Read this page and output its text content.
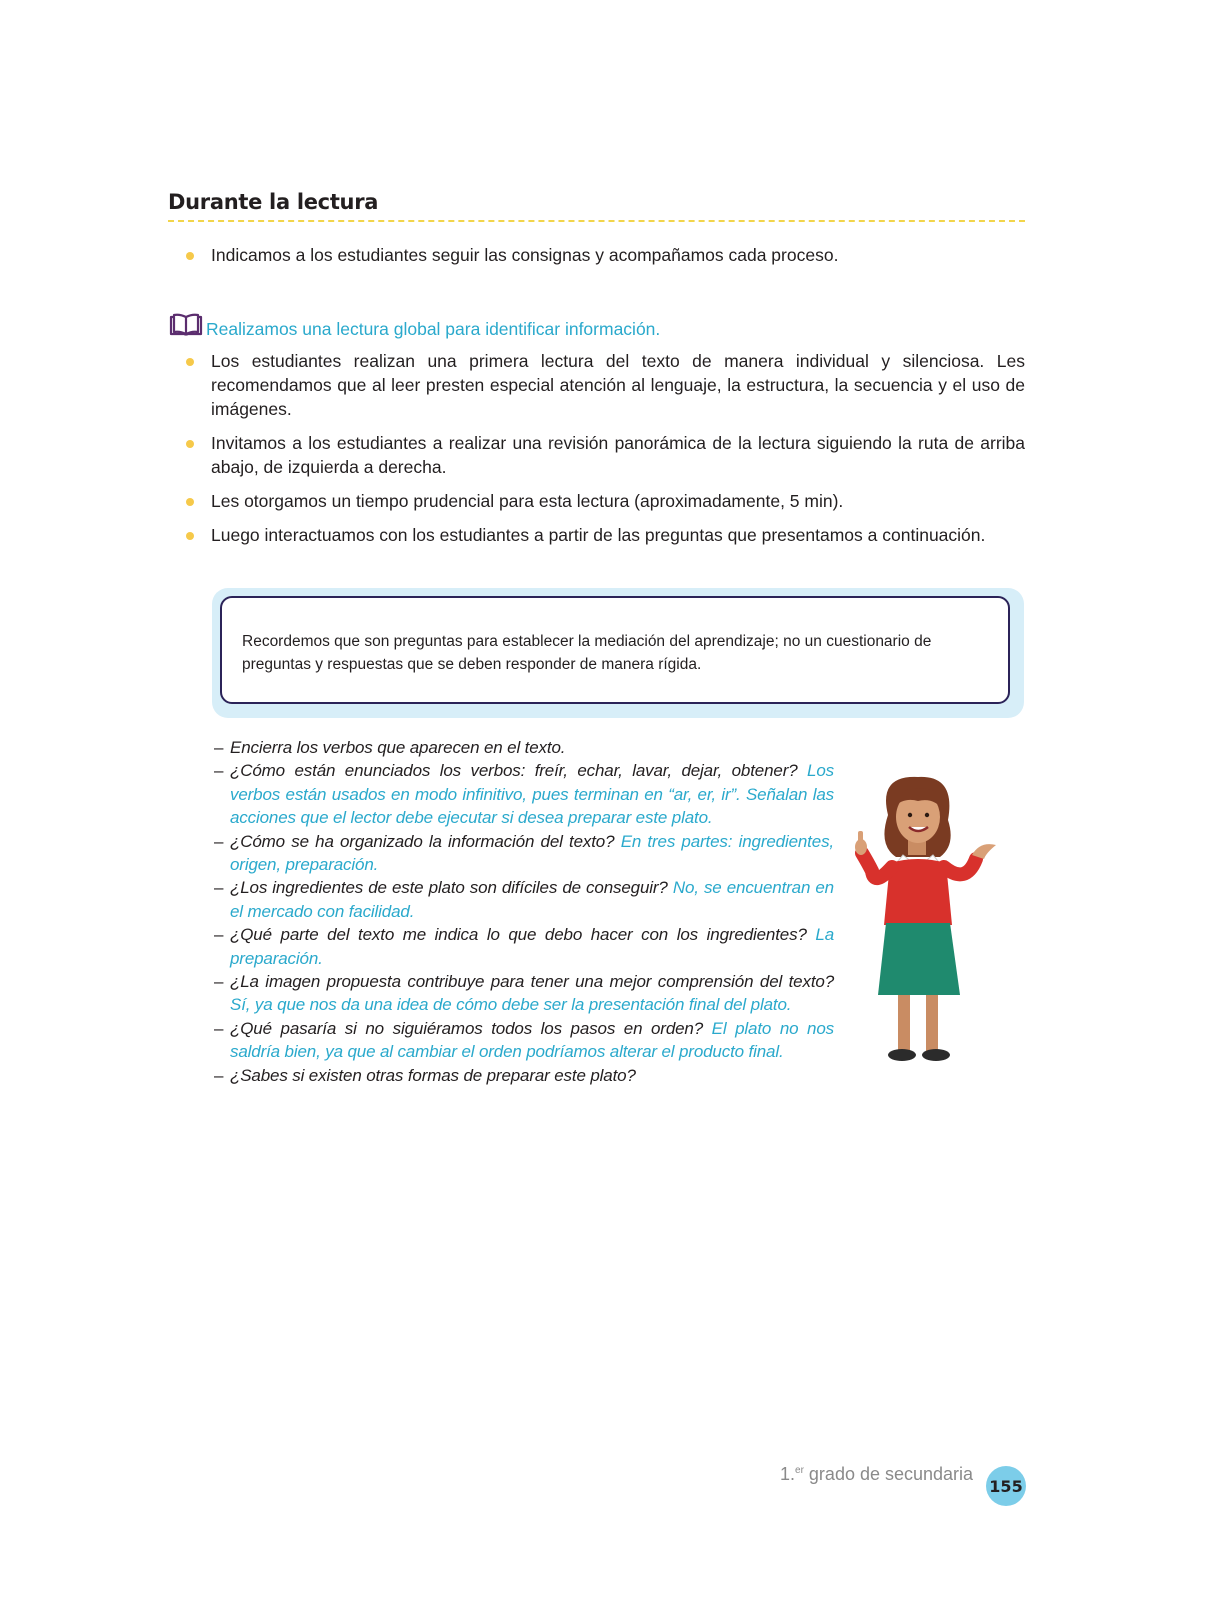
Durante la lectura
Indicamos a los estudiantes seguir las consignas y acompañamos cada proceso.
Realizamos una lectura global para identificar información.
Los estudiantes realizan una primera lectura del texto de manera individual y silenciosa. Les recomendamos que al leer presten especial atención al lenguaje, la estructura, la secuencia y el uso de imágenes.
Invitamos a los estudiantes a realizar una revisión panorámica de la lectura siguiendo la ruta de arriba abajo, de izquierda a derecha.
Les otorgamos un tiempo prudencial para esta lectura (aproximadamente, 5 min).
Luego interactuamos con los estudiantes a partir de las preguntas que presentamos a continuación.

Recordemos que son preguntas para establecer la mediación del aprendizaje; no un cuestionario de preguntas y respuestas que se deben responder de manera rígida.

– Encierra los verbos que aparecen en el texto.
– ¿Cómo están enunciados los verbos: freír, echar, lavar, dejar, obtener? Los verbos están usados en modo infinitivo, pues terminan en “ar, er, ir”. Señalan las acciones que el lector debe ejecutar si desea preparar este plato.
– ¿Cómo se ha organizado la información del texto? En tres partes: ingredientes, origen, preparación.
– ¿Los ingredientes de este plato son difíciles de conseguir? No, se encuentran en el mercado con facilidad.
– ¿Qué parte del texto me indica lo que debo hacer con los ingredientes? La preparación.
– ¿La imagen propuesta contribuye para tener una mejor comprensión del texto? Sí, ya que nos da una idea de cómo debe ser la presentación final del plato.
– ¿Qué pasaría si no siguiéramos todos los pasos en orden? El plato no nos saldría bien, ya que al cambiar el orden podríamos alterar el producto final.
– ¿Sabes si existen otras formas de preparar este plato?
1.$^{er}$ grado de secundaria
155
